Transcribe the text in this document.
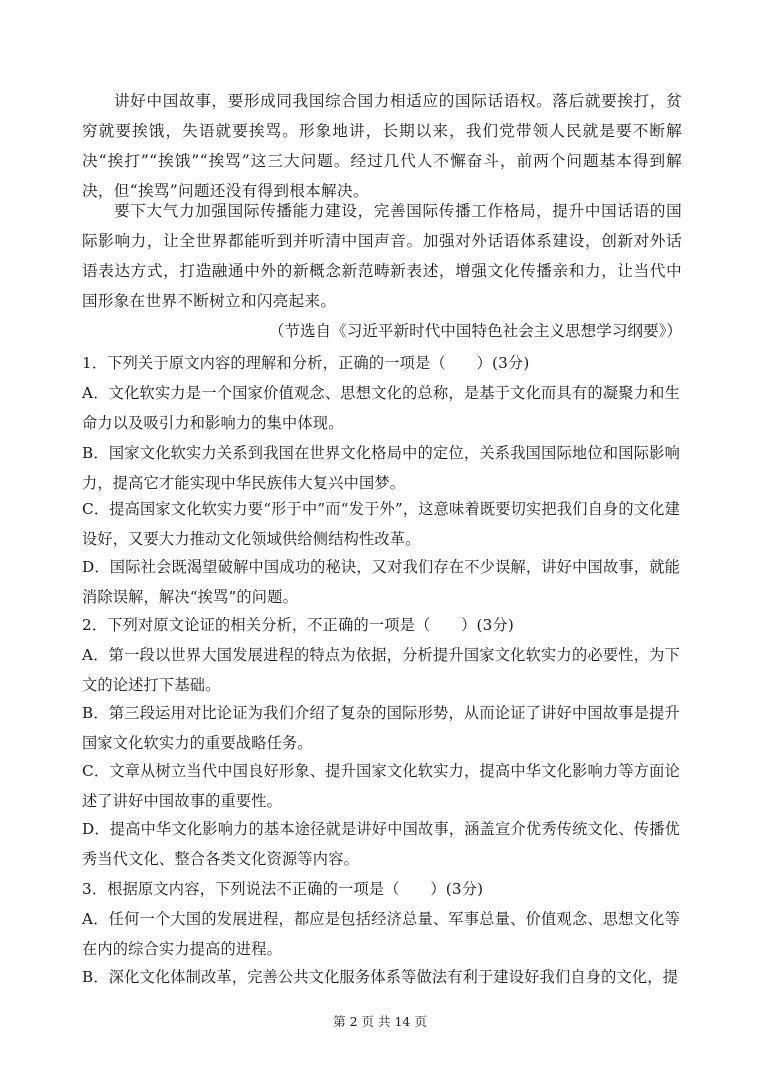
讲好中国故事，要形成同我国综合国力相适应的国际话语权。落后就要挨打，贫穷就要挨饿，失语就要挨骂。形象地讲，长期以来，我们党带领人民就是要不断解决“挨打”“挨饿”“挨骂”这三大问题。经过几代人不懈奋斗，前两个问题基本得到解决，但“挨骂”问题还没有得到根本解决。

要下大气力加强国际传播能力建设，完善国际传播工作格局，提升中国话语的国际影响力，让全世界都能听到并听清中国声音。加强对外话语体系建设，创新对外话语表达方式，打造融通中外的新概念新范畴新表述，增强文化传播亲和力，让当代中国形象在世界不断树立和闪亮起来。

（节选自《习近平新时代中国特色社会主义思想学习纲要》）

1．下列关于原文内容的理解和分析，正确的一项是（　　）(3分)

A．文化软实力是一个国家价值观念、思想文化的总称，是基于文化而具有的凝聚力和生命力以及吸引力和影响力的集中体现。

B．国家文化软实力关系到我国在世界文化格局中的定位，关系我国国际地位和国际影响力，提高它才能实现中华民族伟大复兴中国梦。

C．提高国家文化软实力要“形于中”而“发于外”，这意味着既要切实把我们自身的文化建设好，又要大力推动文化领域供给侧结构性改革。

D．国际社会既渴望破解中国成功的秘诀，又对我们存在不少误解，讲好中国故事，就能消除误解，解决“挨骂”的问题。

2．下列对原文论证的相关分析，不正确的一项是（　　）(3分)

A．第一段以世界大国发展进程的特点为依据，分析提升国家文化软实力的必要性，为下文的论述打下基础。

B．第三段运用对比论证为我们介绍了复杂的国际形势，从而论证了讲好中国故事是提升国家文化软实力的重要战略任务。

C．文章从树立当代中国良好形象、提升国家文化软实力，提高中华文化影响力等方面论述了讲好中国故事的重要性。

D．提高中华文化影响力的基本途径就是讲好中国故事，涵盖宣介优秀传统文化、传播优秀当代文化、整合各类文化资源等内容。

3．根据原文内容，下列说法不正确的一项是（　　）(3分)

A．任何一个大国的发展进程，都应是包括经济总量、军事总量、价值观念、思想文化等在内的综合实力提高的进程。

B．深化文化体制改革，完善公共文化服务体系等做法有利于建设好我们自身的文化，提

第 2 页 共 14 页
